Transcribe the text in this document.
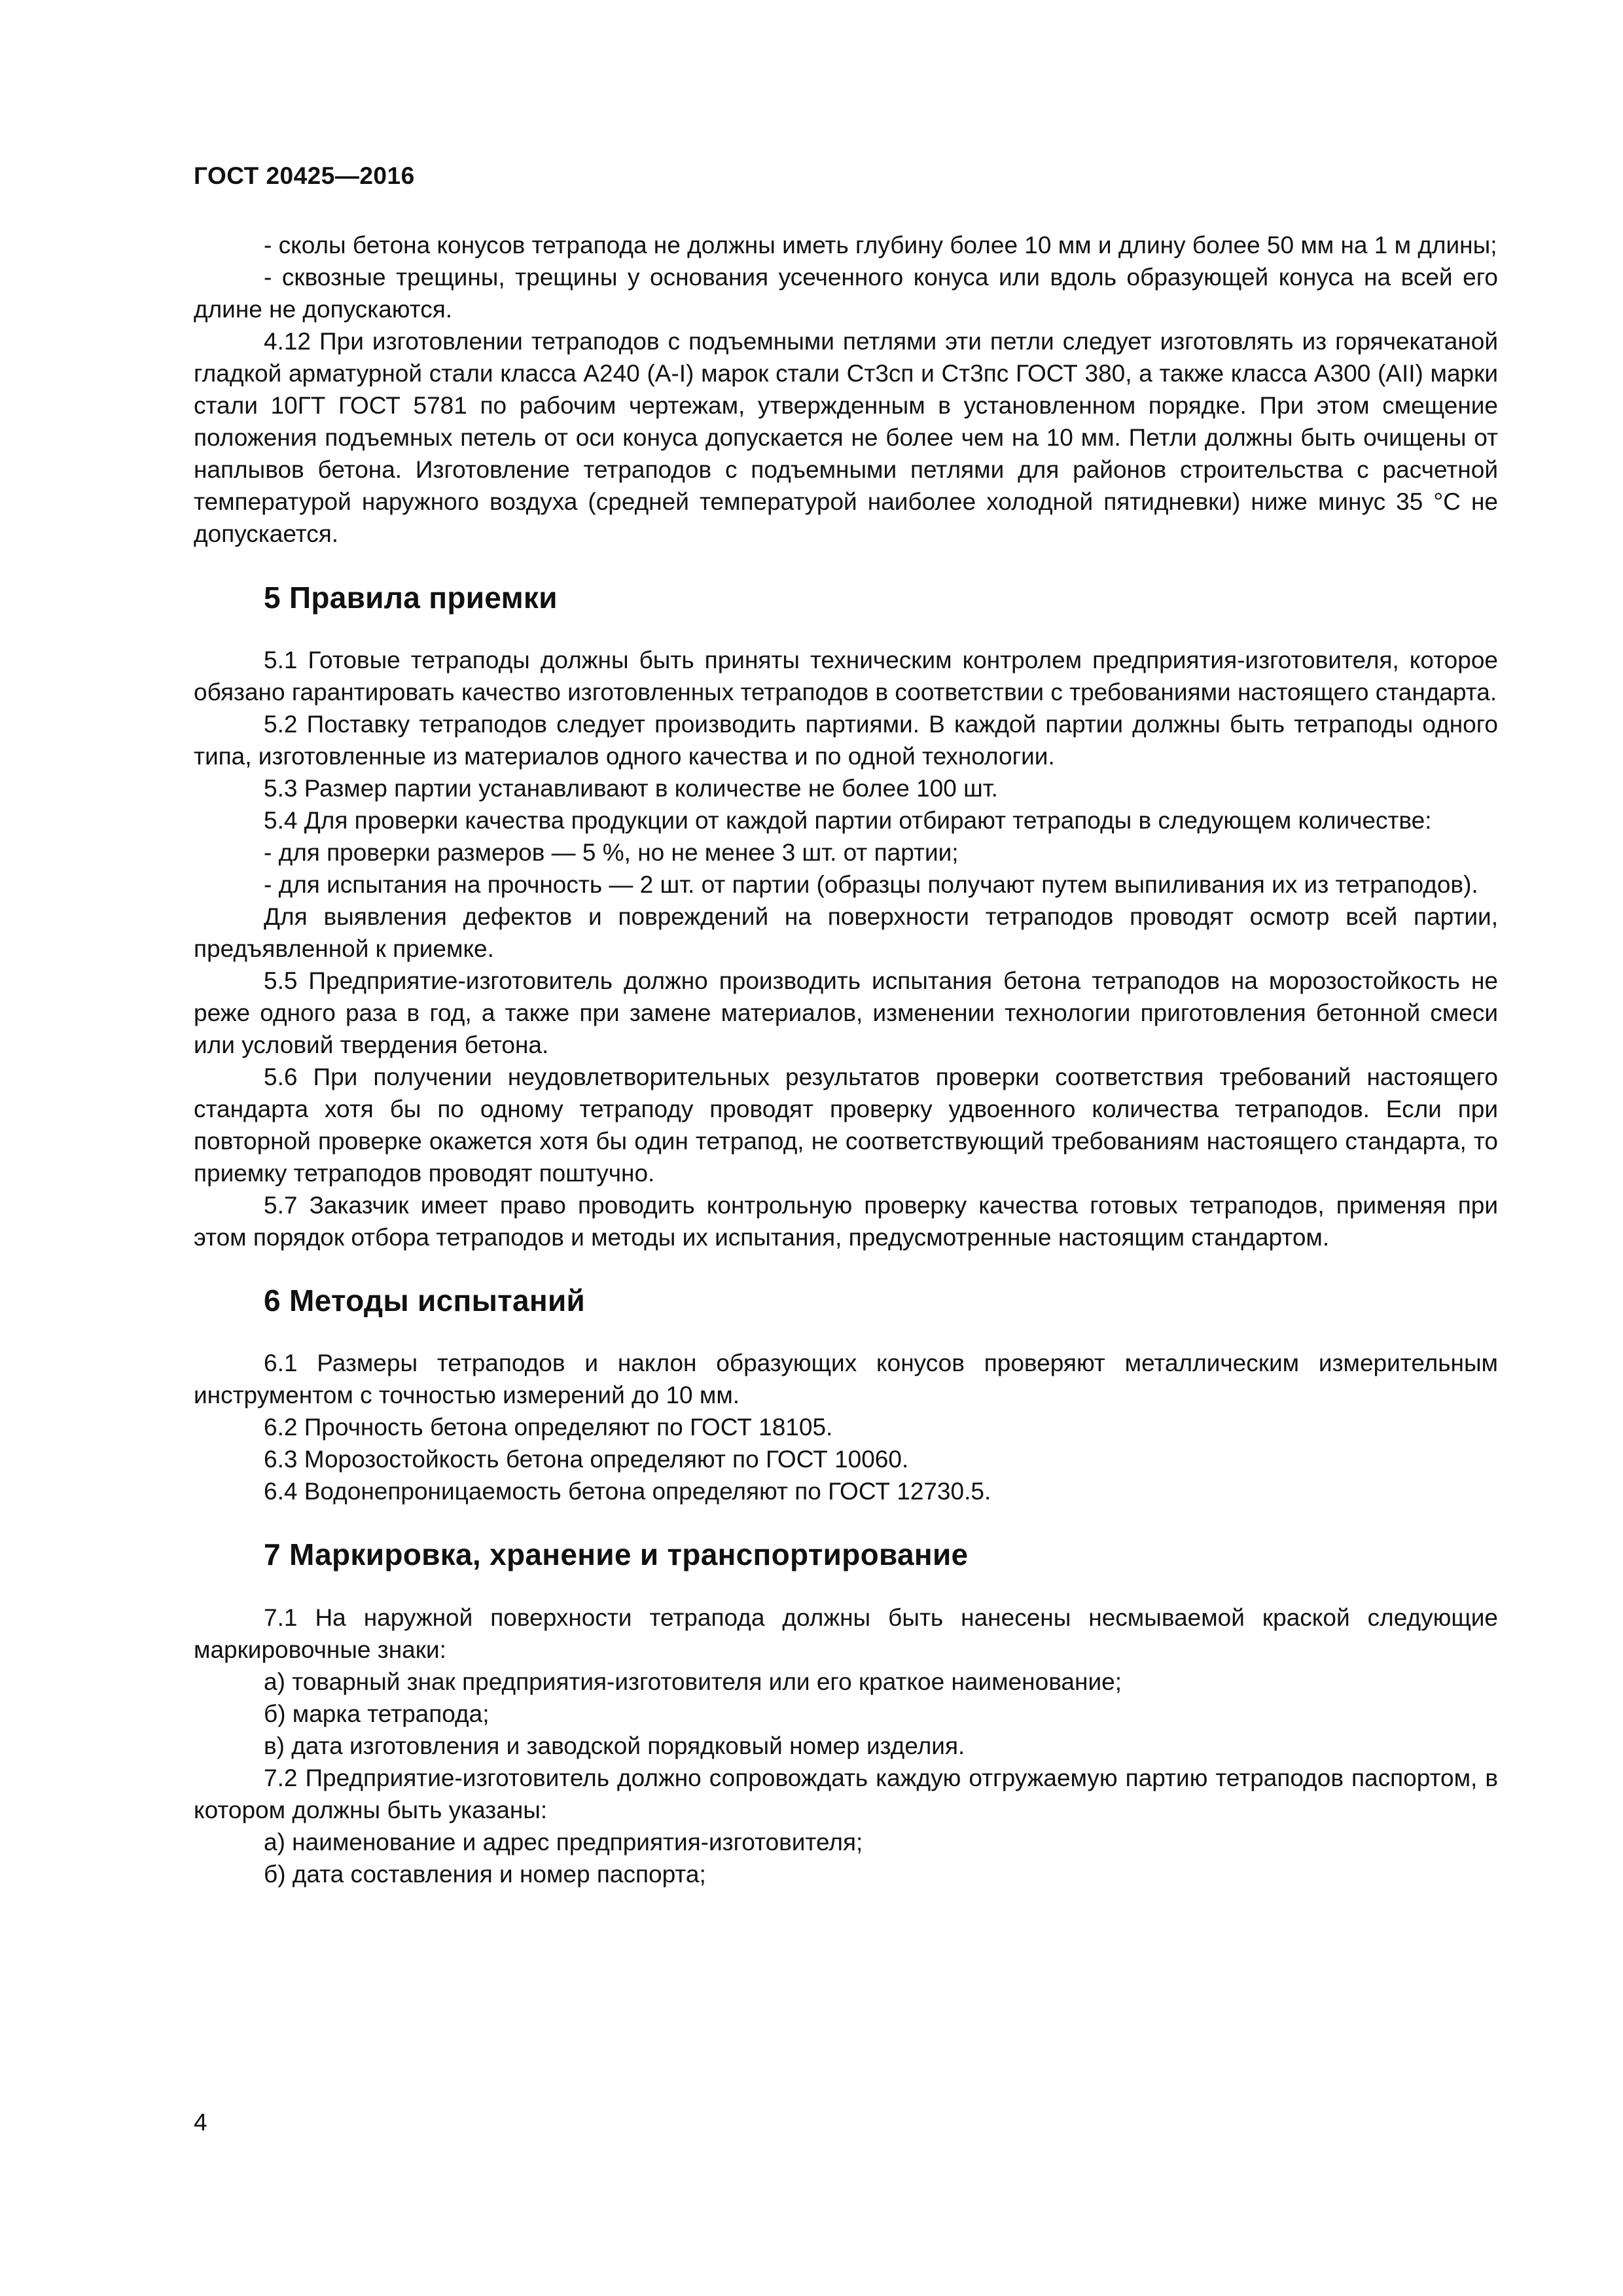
ГОСТ 20425—2016

- сколы бетона конусов тетрапода не должны иметь глубину более 10 мм и длину более 50 мм на 1 м длины;

- сквозные трещины, трещины у основания усеченного конуса или вдоль образующей конуса на всей его длине не допускаются.

4.12 При изготовлении тетраподов с подъемными петлями эти петли следует изготовлять из горячекатаной гладкой арматурной стали класса А240 (А-I) марок стали Ст3сп и Ст3пс ГОСТ 380, а также класса А300 (АII) марки стали 10ГТ ГОСТ 5781 по рабочим чертежам, утвержденным в установленном порядке. При этом смещение положения подъемных петель от оси конуса допускается не более чем на 10 мм. Петли должны быть очищены от наплывов бетона. Изготовление тетраподов с подъемными петлями для районов строительства с расчетной температурой наружного воздуха (средней температурой наиболее холодной пятидневки) ниже минус 35 °С не допускается.

5 Правила приемки

5.1 Готовые тетраподы должны быть приняты техническим контролем предприятия-изготовителя, которое обязано гарантировать качество изготовленных тетраподов в соответствии с требованиями настоящего стандарта.

5.2 Поставку тетраподов следует производить партиями. В каждой партии должны быть тетраподы одного типа, изготовленные из материалов одного качества и по одной технологии.

5.3 Размер партии устанавливают в количестве не более 100 шт.

5.4 Для проверки качества продукции от каждой партии отбирают тетраподы в следующем количестве:

- для проверки размеров — 5 %, но не менее 3 шт. от партии;

- для испытания на прочность — 2 шт. от партии (образцы получают путем выпиливания их из тетраподов).

Для выявления дефектов и повреждений на поверхности тетраподов проводят осмотр всей партии, предъявленной к приемке.

5.5 Предприятие-изготовитель должно производить испытания бетона тетраподов на морозостойкость не реже одного раза в год, а также при замене материалов, изменении технологии приготовления бетонной смеси или условий твердения бетона.

5.6 При получении неудовлетворительных результатов проверки соответствия требований настоящего стандарта хотя бы по одному тетраподу проводят проверку удвоенного количества тетраподов. Если при повторной проверке окажется хотя бы один тетрапод, не соответствующий требованиям настоящего стандарта, то приемку тетраподов проводят поштучно.

5.7 Заказчик имеет право проводить контрольную проверку качества готовых тетраподов, применяя при этом порядок отбора тетраподов и методы их испытания, предусмотренные настоящим стандартом.

6 Методы испытаний

6.1 Размеры тетраподов и наклон образующих конусов проверяют металлическим измерительным инструментом с точностью измерений до 10 мм.

6.2 Прочность бетона определяют по ГОСТ 18105.

6.3 Морозостойкость бетона определяют по ГОСТ 10060.

6.4 Водонепроницаемость бетона определяют по ГОСТ 12730.5.

7 Маркировка, хранение и транспортирование

7.1 На наружной поверхности тетрапода должны быть нанесены несмываемой краской следующие маркировочные знаки:

а) товарный знак предприятия-изготовителя или его краткое наименование;

б) марка тетрапода;

в) дата изготовления и заводской порядковый номер изделия.

7.2 Предприятие-изготовитель должно сопровождать каждую отгружаемую партию тетраподов паспортом, в котором должны быть указаны:

а) наименование и адрес предприятия-изготовителя;

б) дата составления и номер паспорта;

4
